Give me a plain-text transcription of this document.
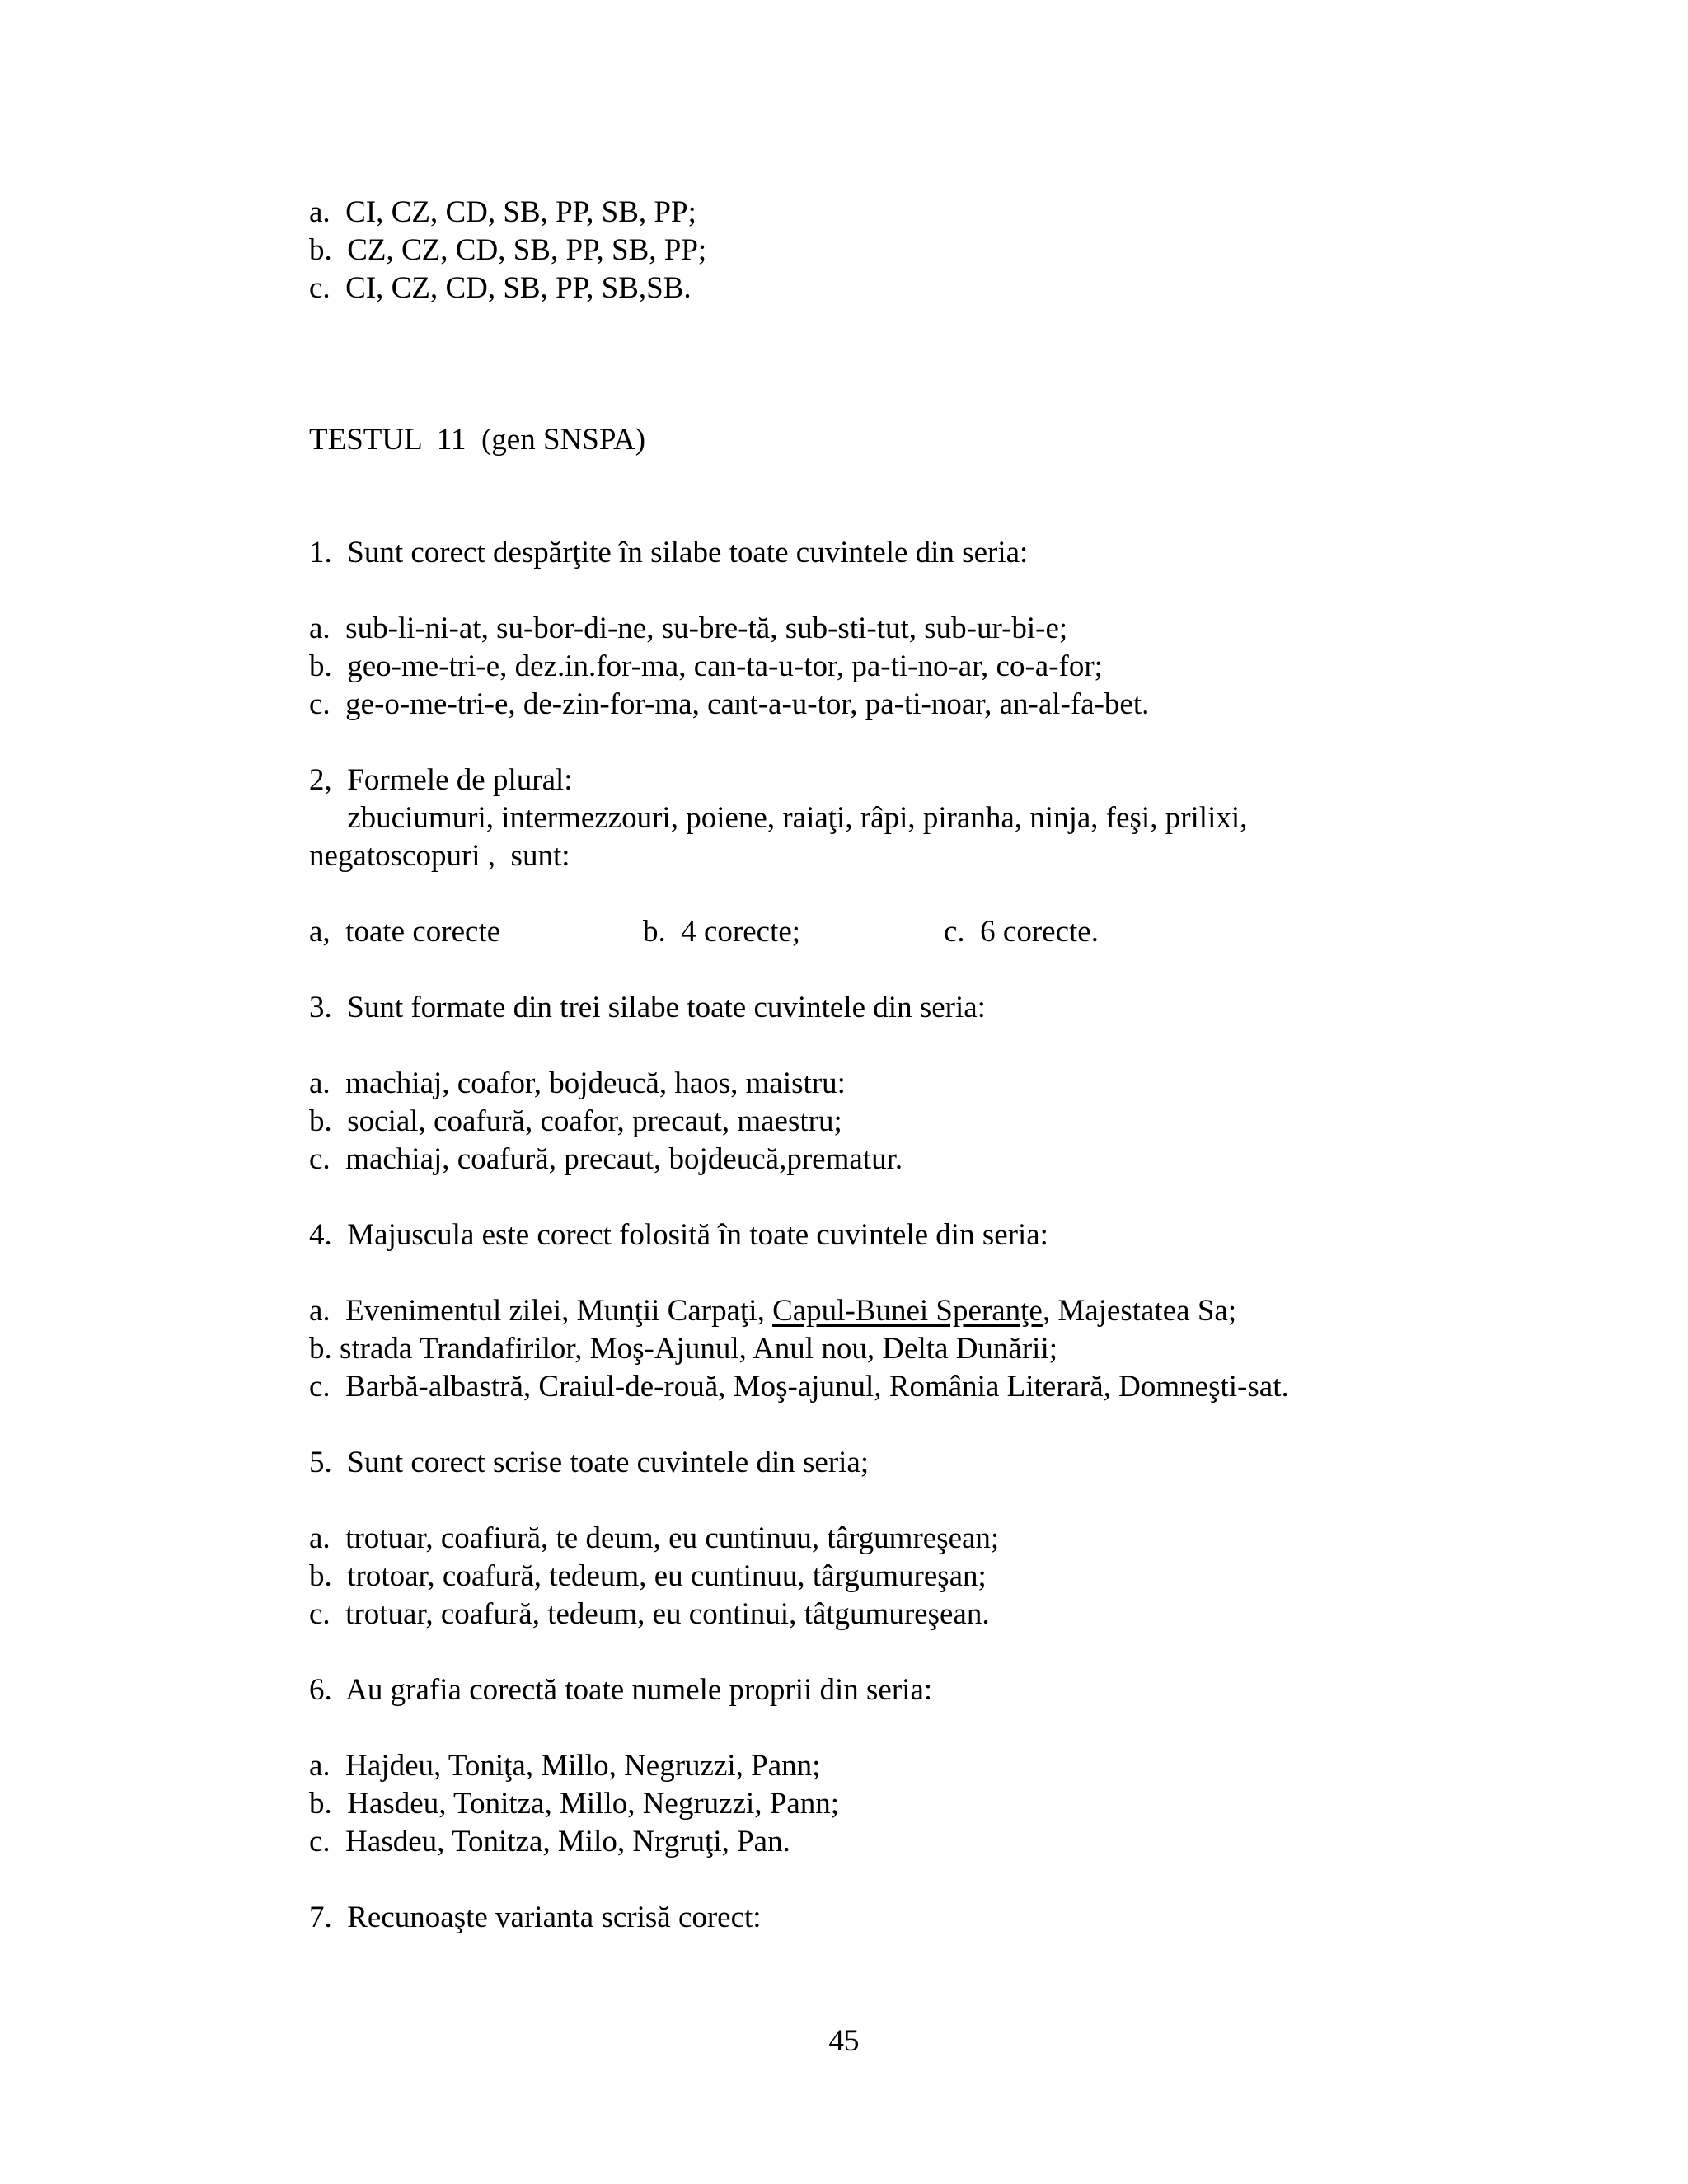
a.  CI, CZ, CD, SB, PP, SB, PP;
b.  CZ, CZ, CD, SB, PP, SB, PP;
c.  CI, CZ, CD, SB, PP, SB,SB.
TESTUL  11  (gen SNSPA)
1.  Sunt corect despărţite în silabe toate cuvintele din seria:
a.  sub-li-ni-at, su-bor-di-ne, su-bre-tă, sub-sti-tut, sub-ur-bi-e;
b.  geo-me-tri-e, dez.in.for-ma, can-ta-u-tor, pa-ti-no-ar, co-a-for;
c.  ge-o-me-tri-e, de-zin-for-ma, cant-a-u-tor, pa-ti-noar, an-al-fa-bet.
2,  Formele de plural:
zbuciumuri, intermezzouri, poiene, raiaţi, râpi, piranha, ninja, feşi, prilixi,
negatoscopuri ,  sunt:

a,  toate corecte

	b.  4 corecte;

	c.  6 corecte.

3.  Sunt formate din trei silabe toate cuvintele din seria:
a.  machiaj, coafor, bojdeucă, haos, maistru:
b.  social, coafură, coafor, precaut, maestru;
c.  machiaj, coafură, precaut, bojdeucă,prematur.
4.  Majuscula este corect folosită în toate cuvintele din seria:
a.  Evenimentul zilei, Munţii Carpaţi, Capul-Bunei Speranţe, Majestatea Sa;
b. strada Trandafirilor, Moş-Ajunul, Anul nou, Delta Dunării;
c.  Barbă-albastră, Craiul-de-rouă, Moş-ajunul, România Literară, Domneşti-sat.
5.  Sunt corect scrise toate cuvintele din seria;
a.  trotuar, coafiură, te deum, eu cuntinuu, târgumreşean;
b.  trotoar, coafură, tedeum, eu cuntinuu, târgumureşan;
c.  trotuar, coafură, tedeum, eu continui, tâtgumureşean.
6.  Au grafia corectă toate numele proprii din seria:
a.  Hajdeu, Toniţa, Millo, Negruzzi, Pann;
b.  Hasdeu, Tonitza, Millo, Negruzzi, Pann;
c.  Hasdeu, Tonitza, Milo, Nrgruţi, Pan.
7.  Recunoaşte varianta scrisă corect:
45
